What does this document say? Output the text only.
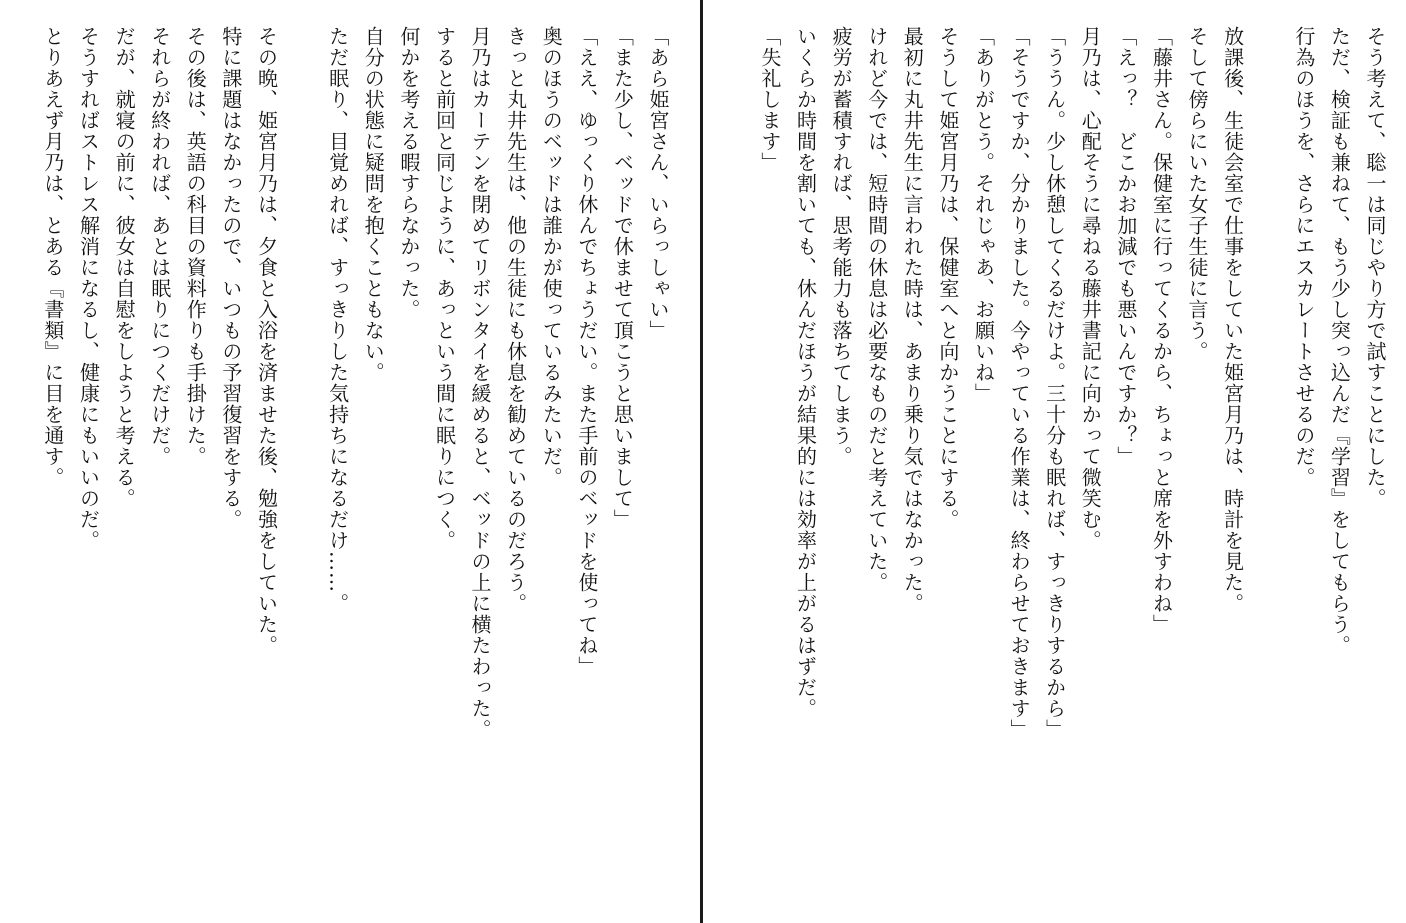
「あら姫宮さん、いらっしゃい」
「また少し、ベッドで休ませて頂こうと思いまして」
「ええ、ゆっくり休んでちょうだい。また手前のベッドを使ってね」
奥のほうのベッドは誰かが使っているみたいだ。
きっと丸井先生は、他の生徒にも休息を勧めているのだろう。
月乃はカーテンを閉めてリボンタイを緩めると、ベッドの上に横たわった。
すると前回と同じように、あっという間に眠りにつく。
何かを考える暇すらなかった。
自分の状態に疑問を抱くこともない。
ただ眠り、目覚めれば、すっきりした気持ちになるだけ……。
その晩、姫宮月乃は、夕食と入浴を済ませた後、勉強をしていた。
特に課題はなかったので、いつもの予習復習をする。
その後は、英語の科目の資料作りも手掛けた。
それらが終われば、あとは眠りにつくだけだ。
だが、就寝の前に、彼女は自慰をしようと考える。
そうすればストレス解消になるし、健康にもいいのだ。
とりあえず月乃は、とある『書類』に目を通す。	そう考えて、聡一は同じやり方で試すことにした。
ただ、検証も兼ねて、もう少し突っ込んだ『学習』をしてもらう。
行為のほうを、さらにエスカレートさせるのだ。
放課後、生徒会室で仕事をしていた姫宮月乃は、時計を見た。
そして傍らにいた女子生徒に言う。
「藤井さん。保健室に行ってくるから、ちょっと席を外すわね」
「えっ？　どこかお加減でも悪いんですか？」
月乃は、心配そうに尋ねる藤井書記に向かって微笑む。
「ううん。少し休憩してくるだけよ。三十分も眠れば、すっきりするから」
「そうですか、分かりました。今やっている作業は、終わらせておきます」
「ありがとう。それじゃあ、お願いね」
そうして姫宮月乃は、保健室へと向かうことにする。
最初に丸井先生に言われた時は、あまり乗り気ではなかった。
けれど今では、短時間の休息は必要なものだと考えていた。
疲労が蓄積すれば、思考能力も落ちてしまう。
いくらか時間を割いても、休んだほうが結果的には効率が上がるはずだ。
「失礼します」
